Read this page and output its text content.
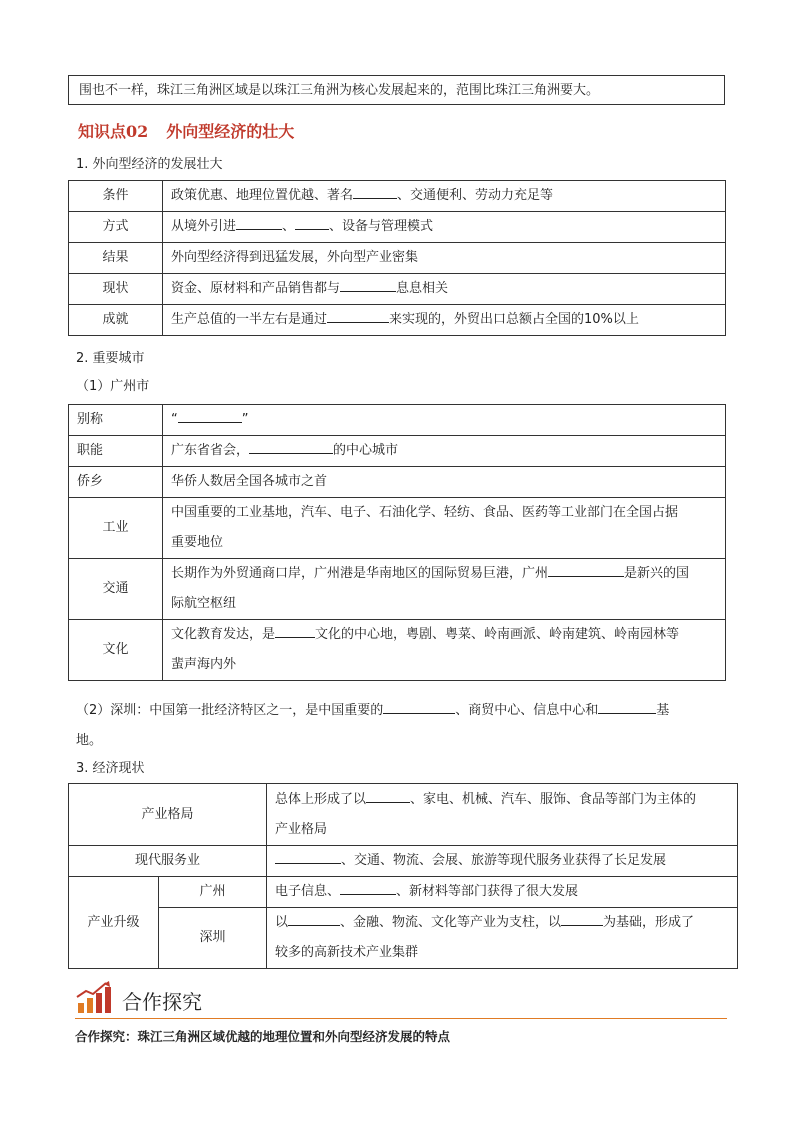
围也不一样，珠江三角洲区域是以珠江三角洲为核心发展起来的，范围比珠江三角洲要大。
知识点02 外向型经济的壮大
1. 外向型经济的发展壮大
条件	政策优惠、地理位置优越、著名 、交通便利、劳动力充足等
方式	从境外引进 、 、设备与管理模式
结果	外向型经济得到迅猛发展，外向型产业密集
现状	资金、原材料和产品销售都与 息息相关
成就	生产总值的一半左右是通过 来实现的，外贸出口总额占全国的10%以上
2. 重要城市
（1）广州市
别称	“ ”
职能	广东省省会， 的中心城市
侨乡	华侨人数居全国各城市之首
工业	中国重要的工业基地，汽车、电子、石油化学、轻纺、食品、医药等工业部门在全国占据
重要地位
交通	长期作为外贸通商口岸，广州港是华南地区的国际贸易巨港，广州 是新兴的国
际航空枢纽
文化	文化教育发达，是 文化的中心地，粤剧、粤菜、岭南画派、岭南建筑、岭南园林等
蜚声海内外
（2）深圳：中国第一批经济特区之一，是中国重要的	、商贸中心、信息中心和	基
地。
3. 经济现状
产业格局		总体上形成了以 、家电、机械、汽车、服饰、食品等部门为主体的
产业格局
现代服务业		、交通、物流、会展、旅游等现代服务业获得了长足发展
产业升级	广州	电子信息、 、新材料等部门获得了很大发展
	深圳	以 、金融、物流、文化等产业为支柱，以 为基础，形成了
较多的高新技术产业集群
合作探究
合作探究：珠江三角洲区域优越的地理位置和外向型经济发展的特点
